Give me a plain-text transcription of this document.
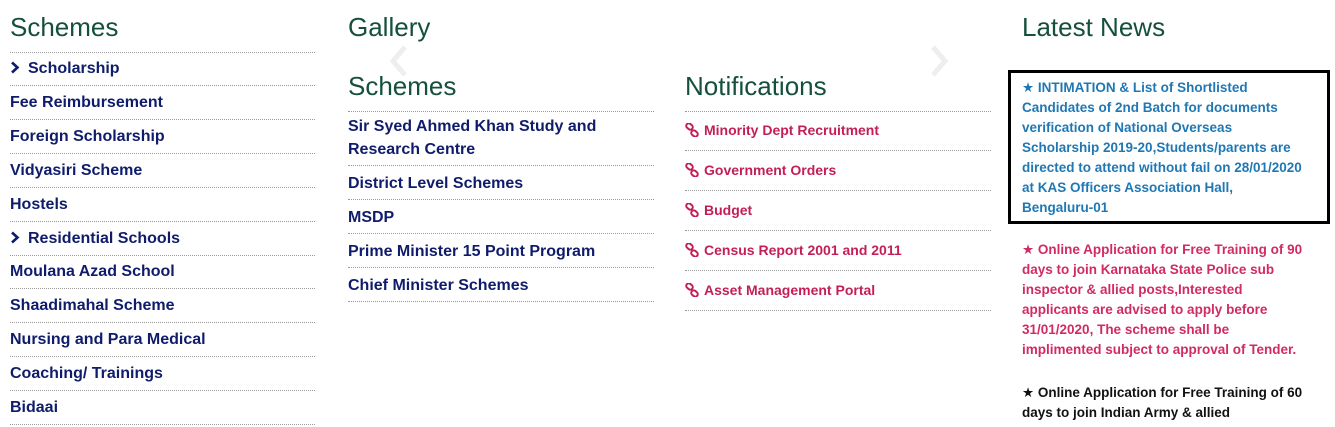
Schemes
Scholarship
Fee Reimbursement
Foreign Scholarship
Vidyasiri Scheme
Hostels
Residential Schools
Moulana Azad School
Shaadimahal Scheme
Nursing and Para Medical
Coaching/ Trainings
Bidaai
Gallery
Schemes
Sir Syed Ahmed Khan Study and
Research Centre
District Level Schemes
MSDP
Prime Minister 15 Point Program
Chief Minister Schemes
Notifications
Minority Dept Recruitment
Government Orders
Budget
Census Report 2001 and 2011
Asset Management Portal
Latest News
★ INTIMATION & List of Shortlisted
Candidates of 2nd Batch for documents
verification of National Overseas
Scholarship 2019-20,Students/parents are
directed to attend without fail on 28/01/2020
at KAS Officers Association Hall,
Bengaluru-01
★ Online Application for Free Training of 90
days to join Karnataka State Police sub
inspector & allied posts,Interested
applicants are advised to apply before
31/01/2020, The scheme shall be
implimented subject to approval of Tender.
★ Online Application for Free Training of 60
days to join Indian Army & allied
